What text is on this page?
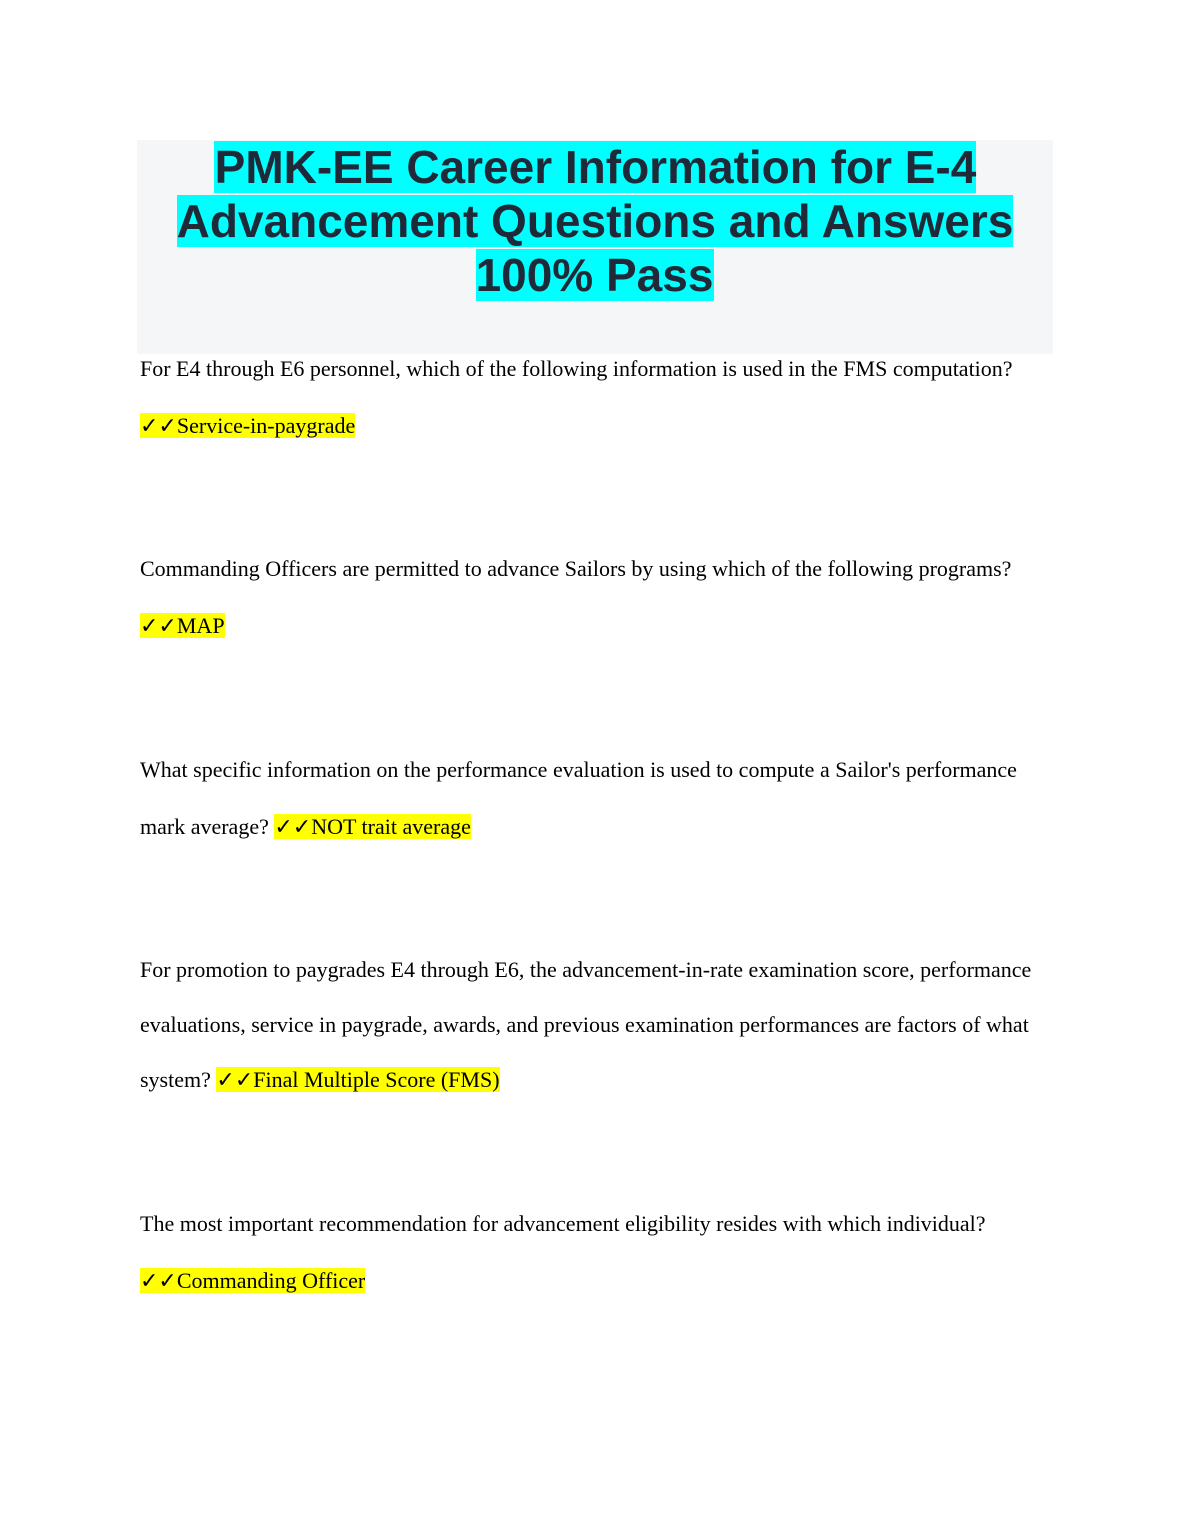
PMK-EE Career Information for E-4 Advancement Questions and Answers 100% Pass

For E4 through E6 personnel, which of the following information is used in the FMS computation? ✓✓Service-in-paygrade

Commanding Officers are permitted to advance Sailors by using which of the following programs? ✓✓MAP

What specific information on the performance evaluation is used to compute a Sailor's performance mark average? ✓✓NOT trait average

For promotion to paygrades E4 through E6, the advancement-in-rate examination score, performance evaluations, service in paygrade, awards, and previous examination performances are factors of what system? ✓✓Final Multiple Score (FMS)

The most important recommendation for advancement eligibility resides with which individual? ✓✓Commanding Officer
